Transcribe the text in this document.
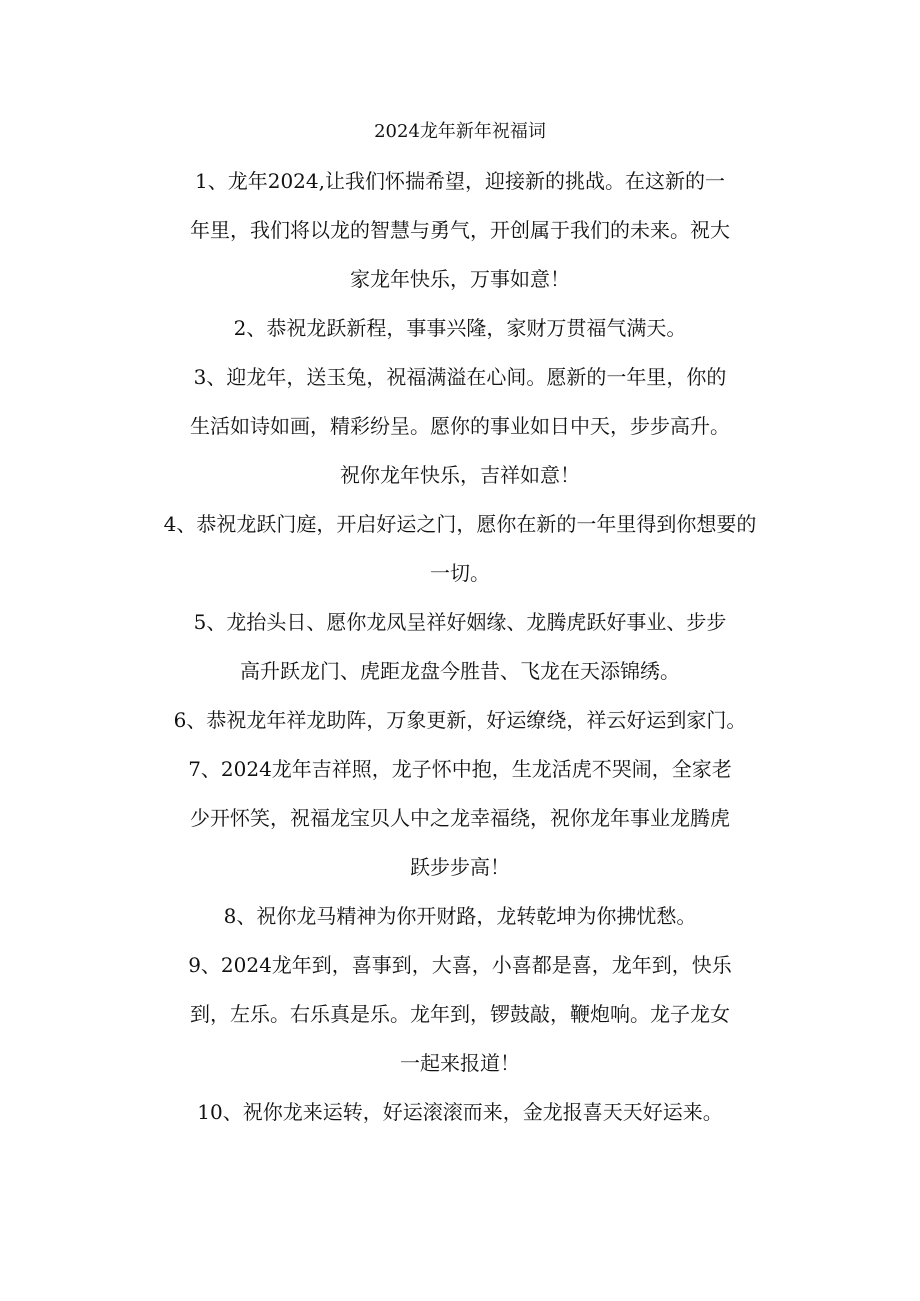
2024龙年新年祝福词
1、龙年2024,让我们怀揣希望，迎接新的挑战。在这新的一
年里，我们将以龙的智慧与勇气，开创属于我们的未来。祝大
家龙年快乐，万事如意！
2、恭祝龙跃新程，事事兴隆，家财万贯福气满天。
3、迎龙年，送玉兔，祝福满溢在心间。愿新的一年里，你的
生活如诗如画，精彩纷呈。愿你的事业如日中天，步步高升。
祝你龙年快乐，吉祥如意！
4、恭祝龙跃门庭，开启好运之门，愿你在新的一年里得到你想要的
一切。
5、龙抬头日、愿你龙凤呈祥好姻缘、龙腾虎跃好事业、步步
高升跃龙门、虎距龙盘今胜昔、飞龙在天添锦绣。
6、恭祝龙年祥龙助阵，万象更新，好运缭绕，祥云好运到家门。
7、2024龙年吉祥照，龙子怀中抱，生龙活虎不哭闹，全家老
少开怀笑，祝福龙宝贝人中之龙幸福绕，祝你龙年事业龙腾虎
跃步步高！
8、祝你龙马精神为你开财路，龙转乾坤为你拂忧愁。
9、2024龙年到，喜事到，大喜，小喜都是喜，龙年到，快乐
到，左乐。右乐真是乐。龙年到，锣鼓敲，鞭炮响。龙子龙女
一起来报道！
10、祝你龙来运转，好运滚滚而来，金龙报喜天天好运来。
